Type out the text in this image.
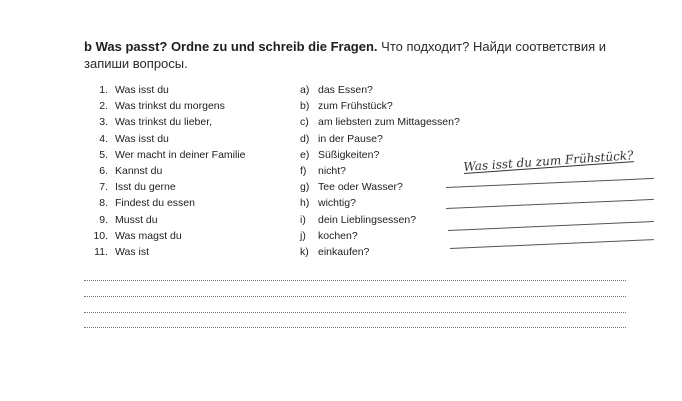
b Was passt? Ordne zu und schreib die Fragen. Что подходит? Найди соответствия и запиши вопросы.
1. Was isst du
2. Was trinkst du morgens
3. Was trinkst du lieber,
4. Was isst du
5. Wer macht in deiner Familie
6. Kannst du
7. Isst du gerne
8. Findest du essen
9. Musst du
10. Was magst du
11. Was ist
a) das Essen?
b) zum Frühstück?
c) am liebsten zum Mittagessen?
d) in der Pause?
e) Süßigkeiten?
f) nicht?
g) Tee oder Wasser?
h) wichtig?
i) dein Lieblingsessen?
j) kochen?
k) einkaufen?
Was isst du zum Frühstück?
